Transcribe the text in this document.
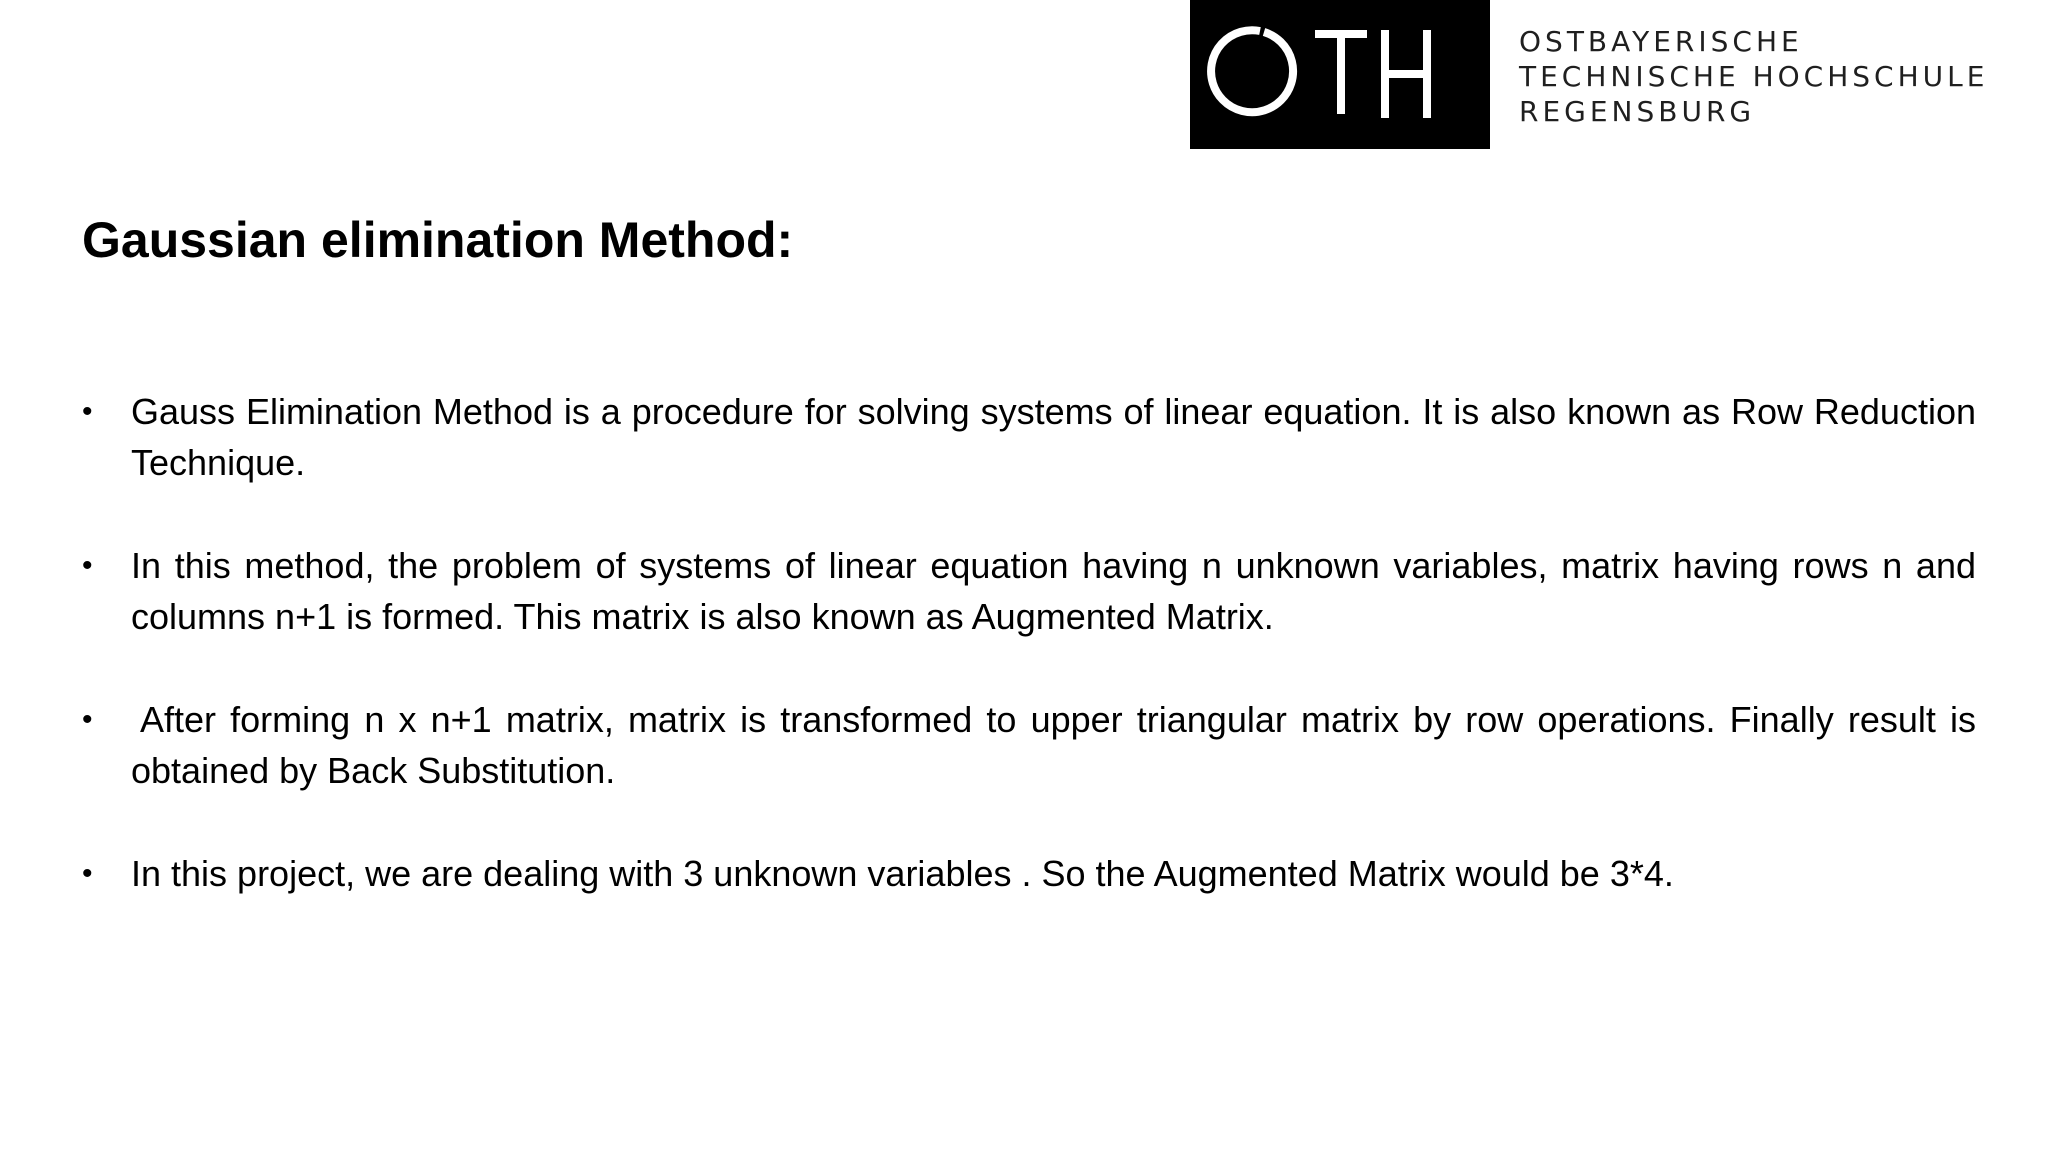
OSTBAYERISCHE
TECHNISCHE HOCHSCHULE
REGENSBURG
Gaussian elimination Method:
• Gauss Elimination Method is a procedure for solving systems of linear equation. It is also known as Row Reduction Technique.
• In this method, the problem of systems of linear equation having n unknown variables, matrix having rows n and columns n+1 is formed. This matrix is also known as Augmented Matrix.
• After forming n x n+1 matrix, matrix is transformed to upper triangular matrix by row operations. Finally result is obtained by Back Substitution.
• In this project, we are dealing with 3 unknown variables . So the Augmented Matrix would be 3*4.
